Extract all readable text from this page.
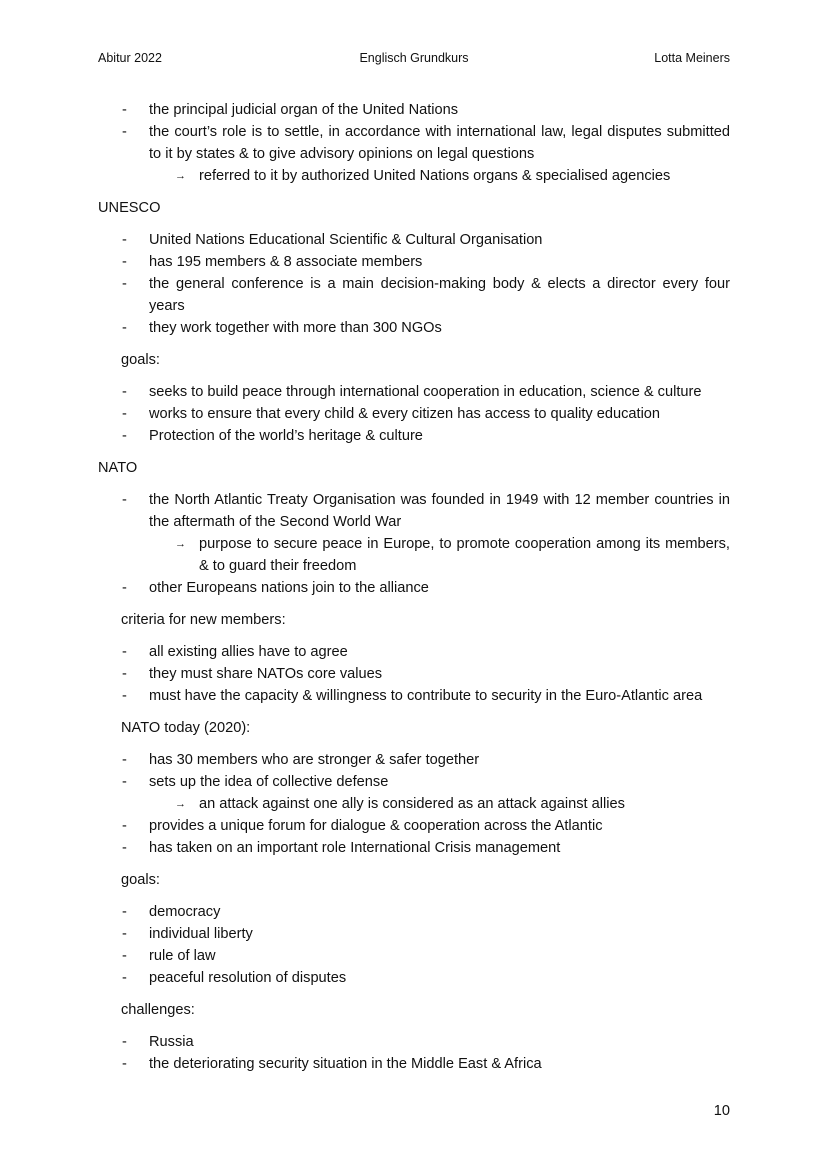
Abitur 2022	Englisch Grundkurs	Lotta Meiners
- the principal judicial organ of the United Nations
- the court’s role is to settle, in accordance with international law, legal disputes submitted to it by states & to give advisory opinions on legal questions
→ referred to it by authorized United Nations organs & specialised agencies
UNESCO
- United Nations Educational Scientific & Cultural Organisation
- has 195 members & 8 associate members
- the general conference is a main decision-making body & elects a director every four years
- they work together with more than 300 NGOs
goals:
- seeks to build peace through international cooperation in education, science & culture
- works to ensure that every child & every citizen has access to quality education
- Protection of the world’s heritage & culture
NATO
- the North Atlantic Treaty Organisation was founded in 1949 with 12 member countries in the aftermath of the Second World War
→ purpose to secure peace in Europe, to promote cooperation among its members, & to guard their freedom
- other Europeans nations join to the alliance
criteria for new members:
- all existing allies have to agree
- they must share NATOs core values
- must have the capacity & willingness to contribute to security in the Euro-Atlantic area
NATO today (2020):
- has 30 members who are stronger & safer together
- sets up the idea of collective defense
→ an attack against one ally is considered as an attack against allies
- provides a unique forum for dialogue & cooperation across the Atlantic
- has taken on an important role International Crisis management
goals:
- democracy
- individual liberty
- rule of law
- peaceful resolution of disputes
challenges:
- Russia
- the deteriorating security situation in the Middle East & Africa
10
